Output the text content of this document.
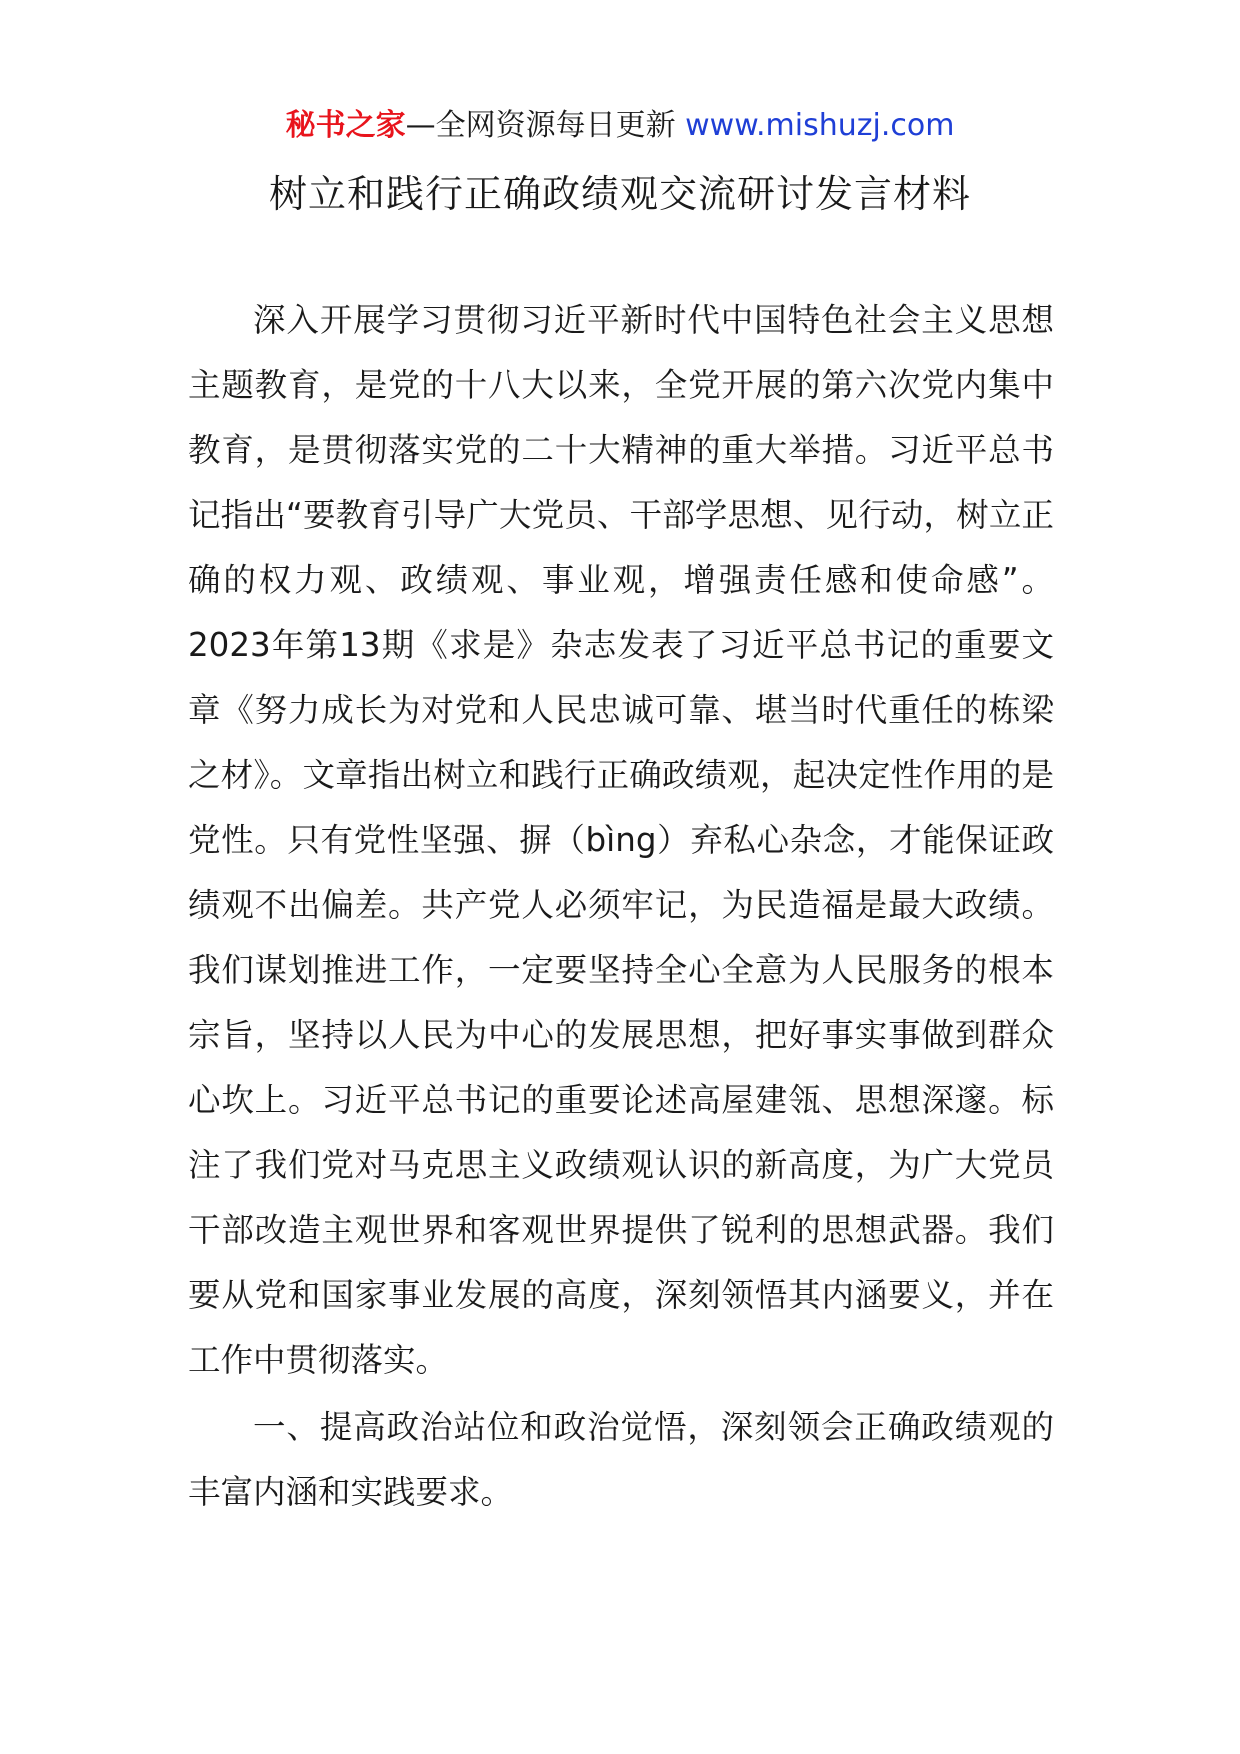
秘书之家—全网资源每日更新 www.mishuzj.com
树立和践行正确政绩观交流研讨发言材料

深入开展学习贯彻习近平新时代中国特色社会主义思想主题教育，是党的十八大以来，全党开展的第六次党内集中教育，是贯彻落实党的二十大精神的重大举措。习近平总书记指出“要教育引导广大党员、干部学思想、见行动，树立正确的权力观、政绩观、事业观，增强责任感和使命感”。2023年第13期《求是》杂志发表了习近平总书记的重要文章《努力成长为对党和人民忠诚可靠、堪当时代重任的栋梁之材》。文章指出树立和践行正确政绩观，起决定性作用的是党性。只有党性坚强、摒（bìng）弃私心杂念，才能保证政绩观不出偏差。共产党人必须牢记，为民造福是最大政绩。我们谋划推进工作，一定要坚持全心全意为人民服务的根本宗旨，坚持以人民为中心的发展思想，把好事实事做到群众心坎上。习近平总书记的重要论述高屋建瓴、思想深邃。标注了我们党对马克思主义政绩观认识的新高度，为广大党员干部改造主观世界和客观世界提供了锐利的思想武器。我们要从党和国家事业发展的高度，深刻领悟其内涵要义，并在工作中贯彻落实。

一、提高政治站位和政治觉悟，深刻领会正确政绩观的丰富内涵和实践要求。
